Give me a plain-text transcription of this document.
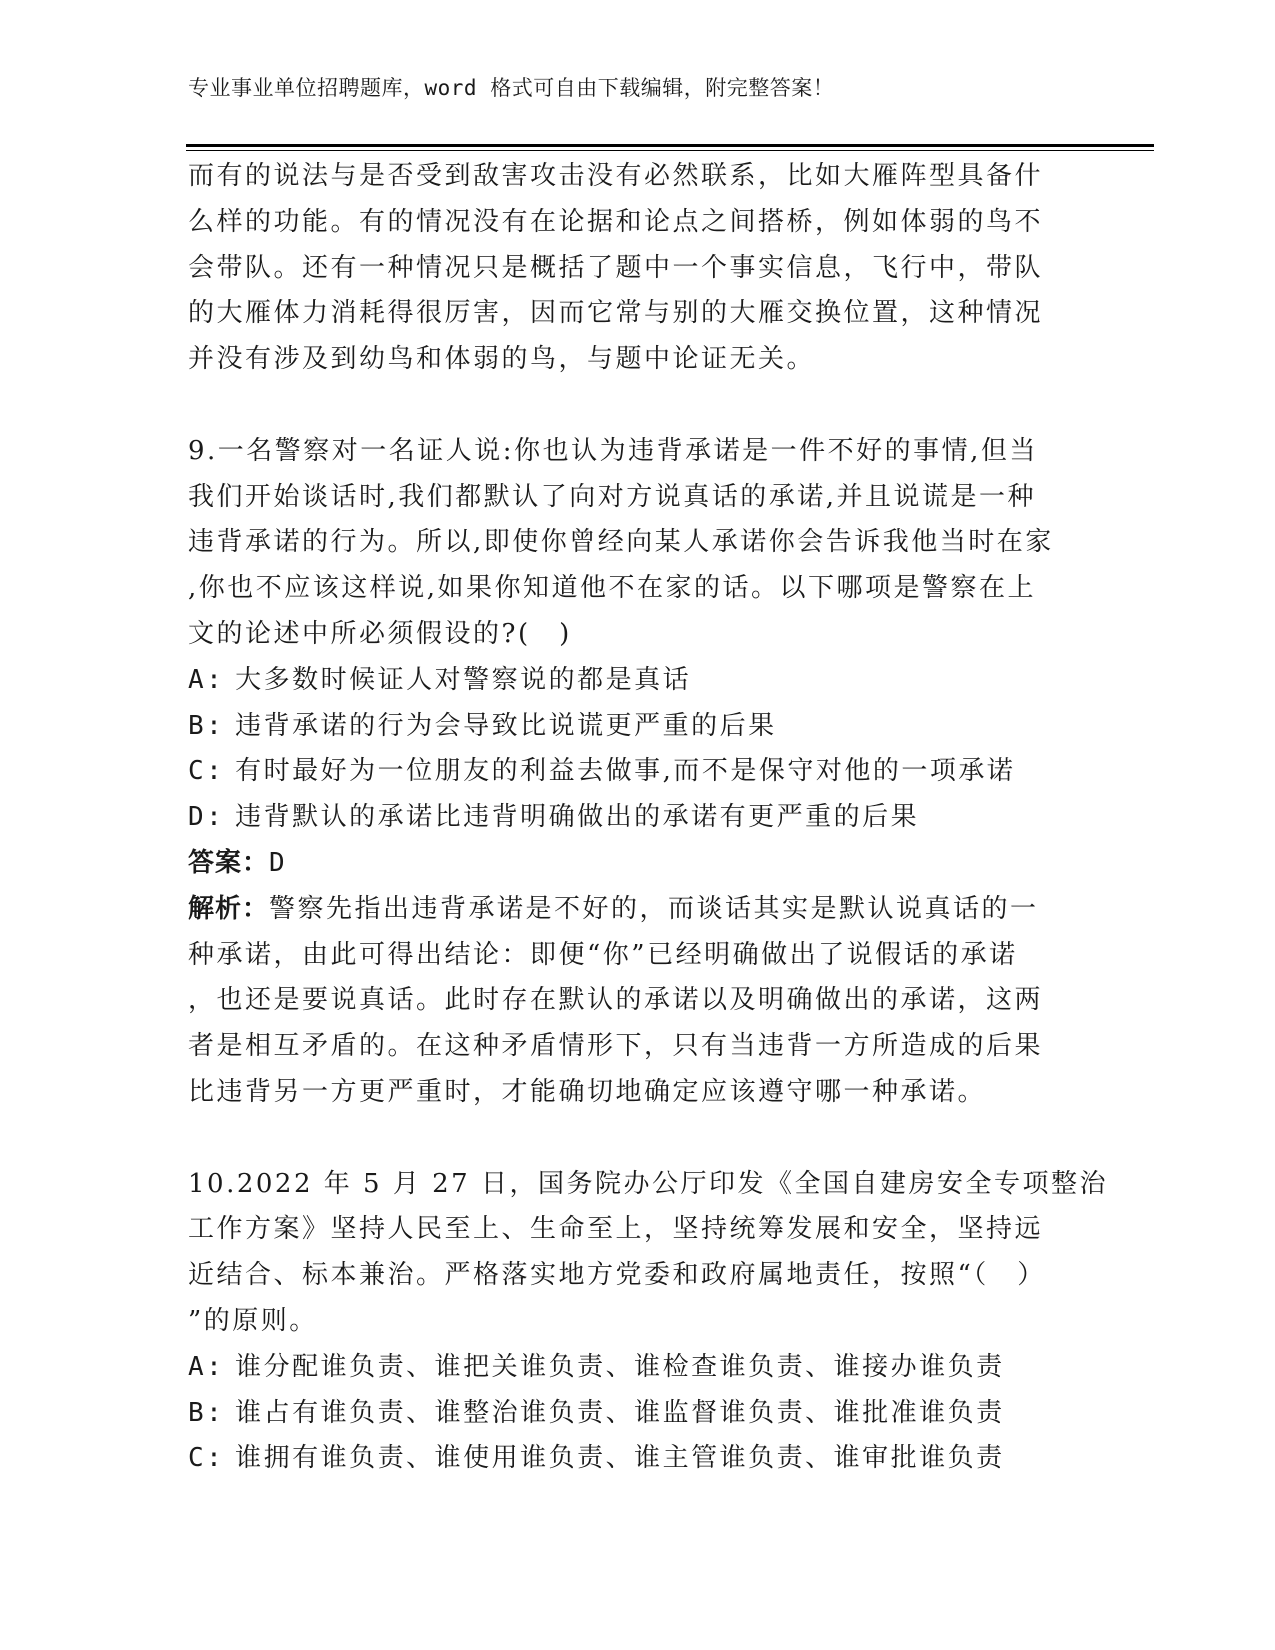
专业事业单位招聘题库，word 格式可自由下载编辑，附完整答案！

而有的说法与是否受到敌害攻击没有必然联系，比如大雁阵型具备什

么样的功能。有的情况没有在论据和论点之间搭桥，例如体弱的鸟不

会带队。还有一种情况只是概括了题中一个事实信息，飞行中，带队

的大雁体力消耗得很厉害，因而它常与别的大雁交换位置，这种情况

并没有涉及到幼鸟和体弱的鸟，与题中论证无关。

9.一名警察对一名证人说:你也认为违背承诺是一件不好的事情,但当

我们开始谈话时,我们都默认了向对方说真话的承诺,并且说谎是一种

违背承诺的行为。所以,即使你曾经向某人承诺你会告诉我他当时在家

,你也不应该这样说,如果你知道他不在家的话。以下哪项是警察在上

文的论述中所必须假设的?(　)

A: 大多数时候证人对警察说的都是真话

B: 违背承诺的行为会导致比说谎更严重的后果

C: 有时最好为一位朋友的利益去做事,而不是保守对他的一项承诺

D: 违背默认的承诺比违背明确做出的承诺有更严重的后果

答案：D

解析：警察先指出违背承诺是不好的，而谈话其实是默认说真话的一

种承诺，由此可得出结论：即便“你”已经明确做出了说假话的承诺

，也还是要说真话。此时存在默认的承诺以及明确做出的承诺，这两

者是相互矛盾的。在这种矛盾情形下，只有当违背一方所造成的后果

比违背另一方更严重时，才能确切地确定应该遵守哪一种承诺。

10.2022 年 5 月 27 日，国务院办公厅印发《全国自建房安全专项整治

工作方案》坚持人民至上、生命至上，坚持统筹发展和安全，坚持远

近结合、标本兼治。严格落实地方党委和政府属地责任，按照“（　）

”的原则。

A: 谁分配谁负责、谁把关谁负责、谁检查谁负责、谁接办谁负责

B: 谁占有谁负责、谁整治谁负责、谁监督谁负责、谁批准谁负责

C: 谁拥有谁负责、谁使用谁负责、谁主管谁负责、谁审批谁负责
